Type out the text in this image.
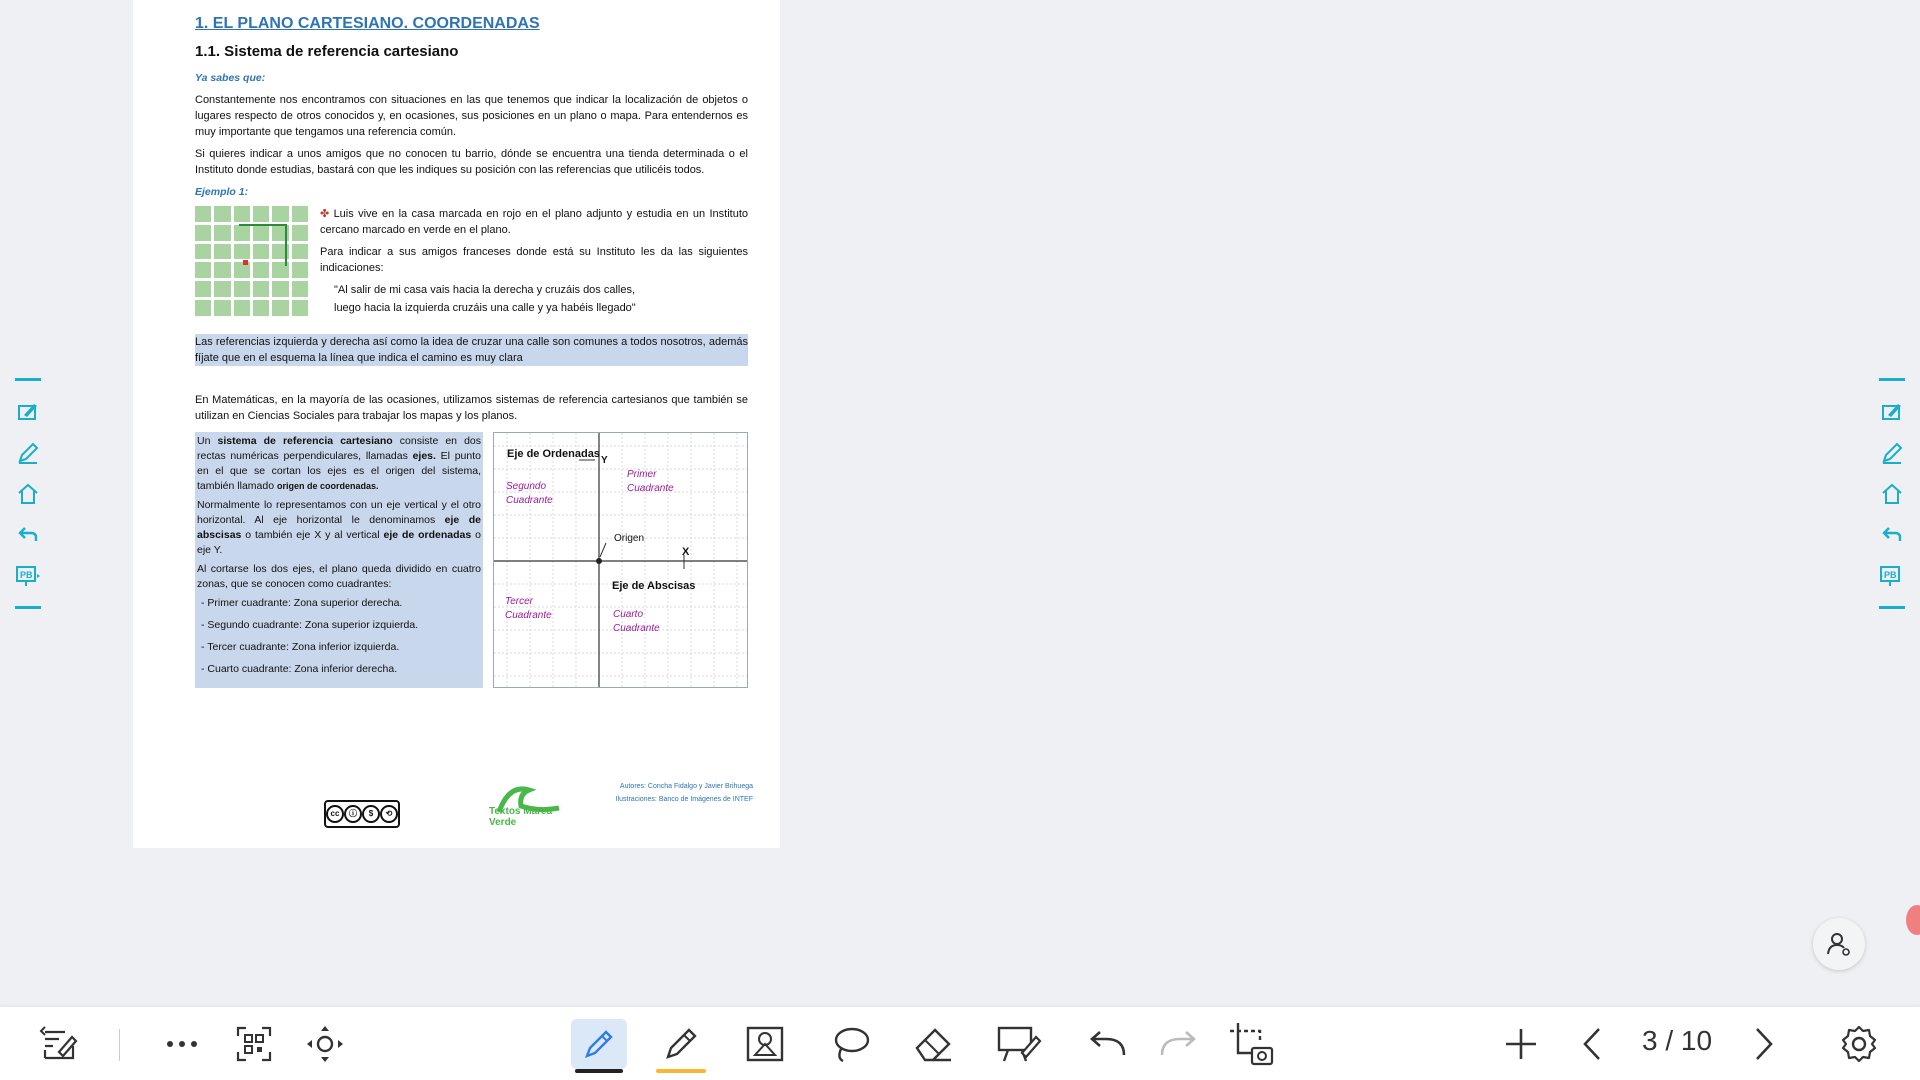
1. EL PLANO CARTESIANO. COORDENADAS
1.1. Sistema de referencia cartesiano
Ya sabes que:

Constantemente nos encontramos con situaciones en las que tenemos que indicar la localización de objetos o lugares respecto de otros conocidos y, en ocasiones, sus posiciones en un plano o mapa. Para entendernos es muy importante que tengamos una referencia común.

Si quieres indicar a unos amigos que no conocen tu barrio, dónde se encuentra una tienda determinada o el Instituto donde estudias, bastará con que les indiques su posición con las referencias que utilicéis todos.

Ejemplo 1:

✤ Luis vive en la casa marcada en rojo en el plano adjunto y estudia en un Instituto cercano marcado en verde en el plano.

Para indicar a sus amigos franceses donde está su Instituto les da las siguientes indicaciones:

"Al salir de mi casa vais hacia la derecha y cruzáis dos calles,
luego hacia la izquierda cruzáis una calle y ya habéis llegado"

Las referencias izquierda y derecha así como la idea de cruzar una calle son comunes a todos nosotros, además fíjate que en el esquema la línea que indica el camino es muy clara

En Matemáticas, en la mayoría de las ocasiones, utilizamos sistemas de referencia cartesianos que también se utilizan en Ciencias Sociales para trabajar los mapas y los planos.

Un sistema de referencia cartesiano consiste en dos rectas numéricas perpendiculares, llamadas ejes. El punto en el que se cortan los ejes es el origen del sistema, también llamado origen de coordenadas.

Normalmente lo representamos con un eje vertical y el otro horizontal. Al eje horizontal le denominamos eje de abscisas o también eje X y al vertical eje de ordenadas o eje Y.

Al cortarse los dos ejes, el plano queda dividido en cuatro zonas, que se conocen como cuadrantes:

- Primer cuadrante: Zona superior derecha.
- Segundo cuadrante: Zona superior izquierda.
- Tercer cuadrante: Zona inferior izquierda.
- Cuarto cuadrante: Zona inferior derecha.
Eje de Ordenadas
Y
X
Origen
Eje de Abscisas
Primer
Cuadrante
Segundo
Cuadrante
Tercer
Cuadrante	Cuarto
Cuadrante
cc	ⓘ	$	⟲	Textos Marea Verde
Autores: Concha Fidalgo y Javier Brihuega
Ilustraciones: Banco de Imágenes de INTEF
PB	PB
3 / 10
